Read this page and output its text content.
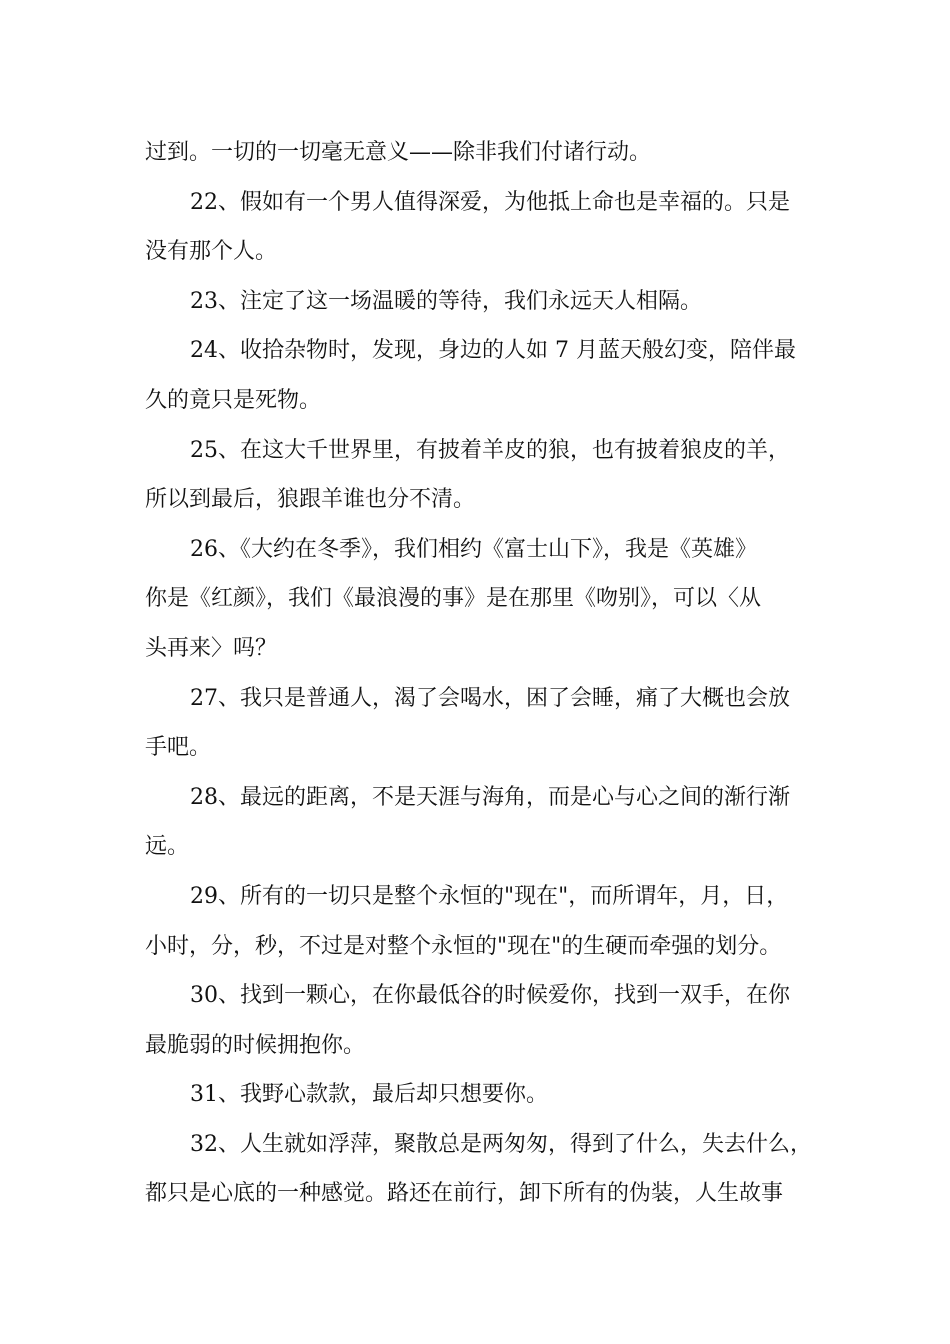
过到。一切的一切毫无意义——除非我们付诸行动。
22、假如有一个男人值得深爱，为他抵上命也是幸福的。只是
没有那个人。
23、注定了这一场温暖的等待，我们永远天人相隔。
24、收拾杂物时，发现，身边的人如 7 月蓝天般幻变，陪伴最
久的竟只是死物。
25、在这大千世界里，有披着羊皮的狼，也有披着狼皮的羊，
所以到最后，狼跟羊谁也分不清。
26、《大约在冬季》，我们相约《富士山下》，我是《英雄》
你是《红颜》，我们《最浪漫的事》是在那里《吻别》，可以〈从
头再来〉吗？
27、我只是普通人，渴了会喝水，困了会睡，痛了大概也会放
手吧。
28、最远的距离，不是天涯与海角，而是心与心之间的渐行渐
远。
29、所有的一切只是整个永恒的"现在"，而所谓年，月，日，
小时，分，秒，不过是对整个永恒的"现在"的生硬而牵强的划分。
30、找到一颗心，在你最低谷的时候爱你，找到一双手，在你
最脆弱的时候拥抱你。
31、我野心款款，最后却只想要你。
32、人生就如浮萍，聚散总是两匆匆，得到了什么，失去什么，
都只是心底的一种感觉。路还在前行，卸下所有的伪装，人生故事
